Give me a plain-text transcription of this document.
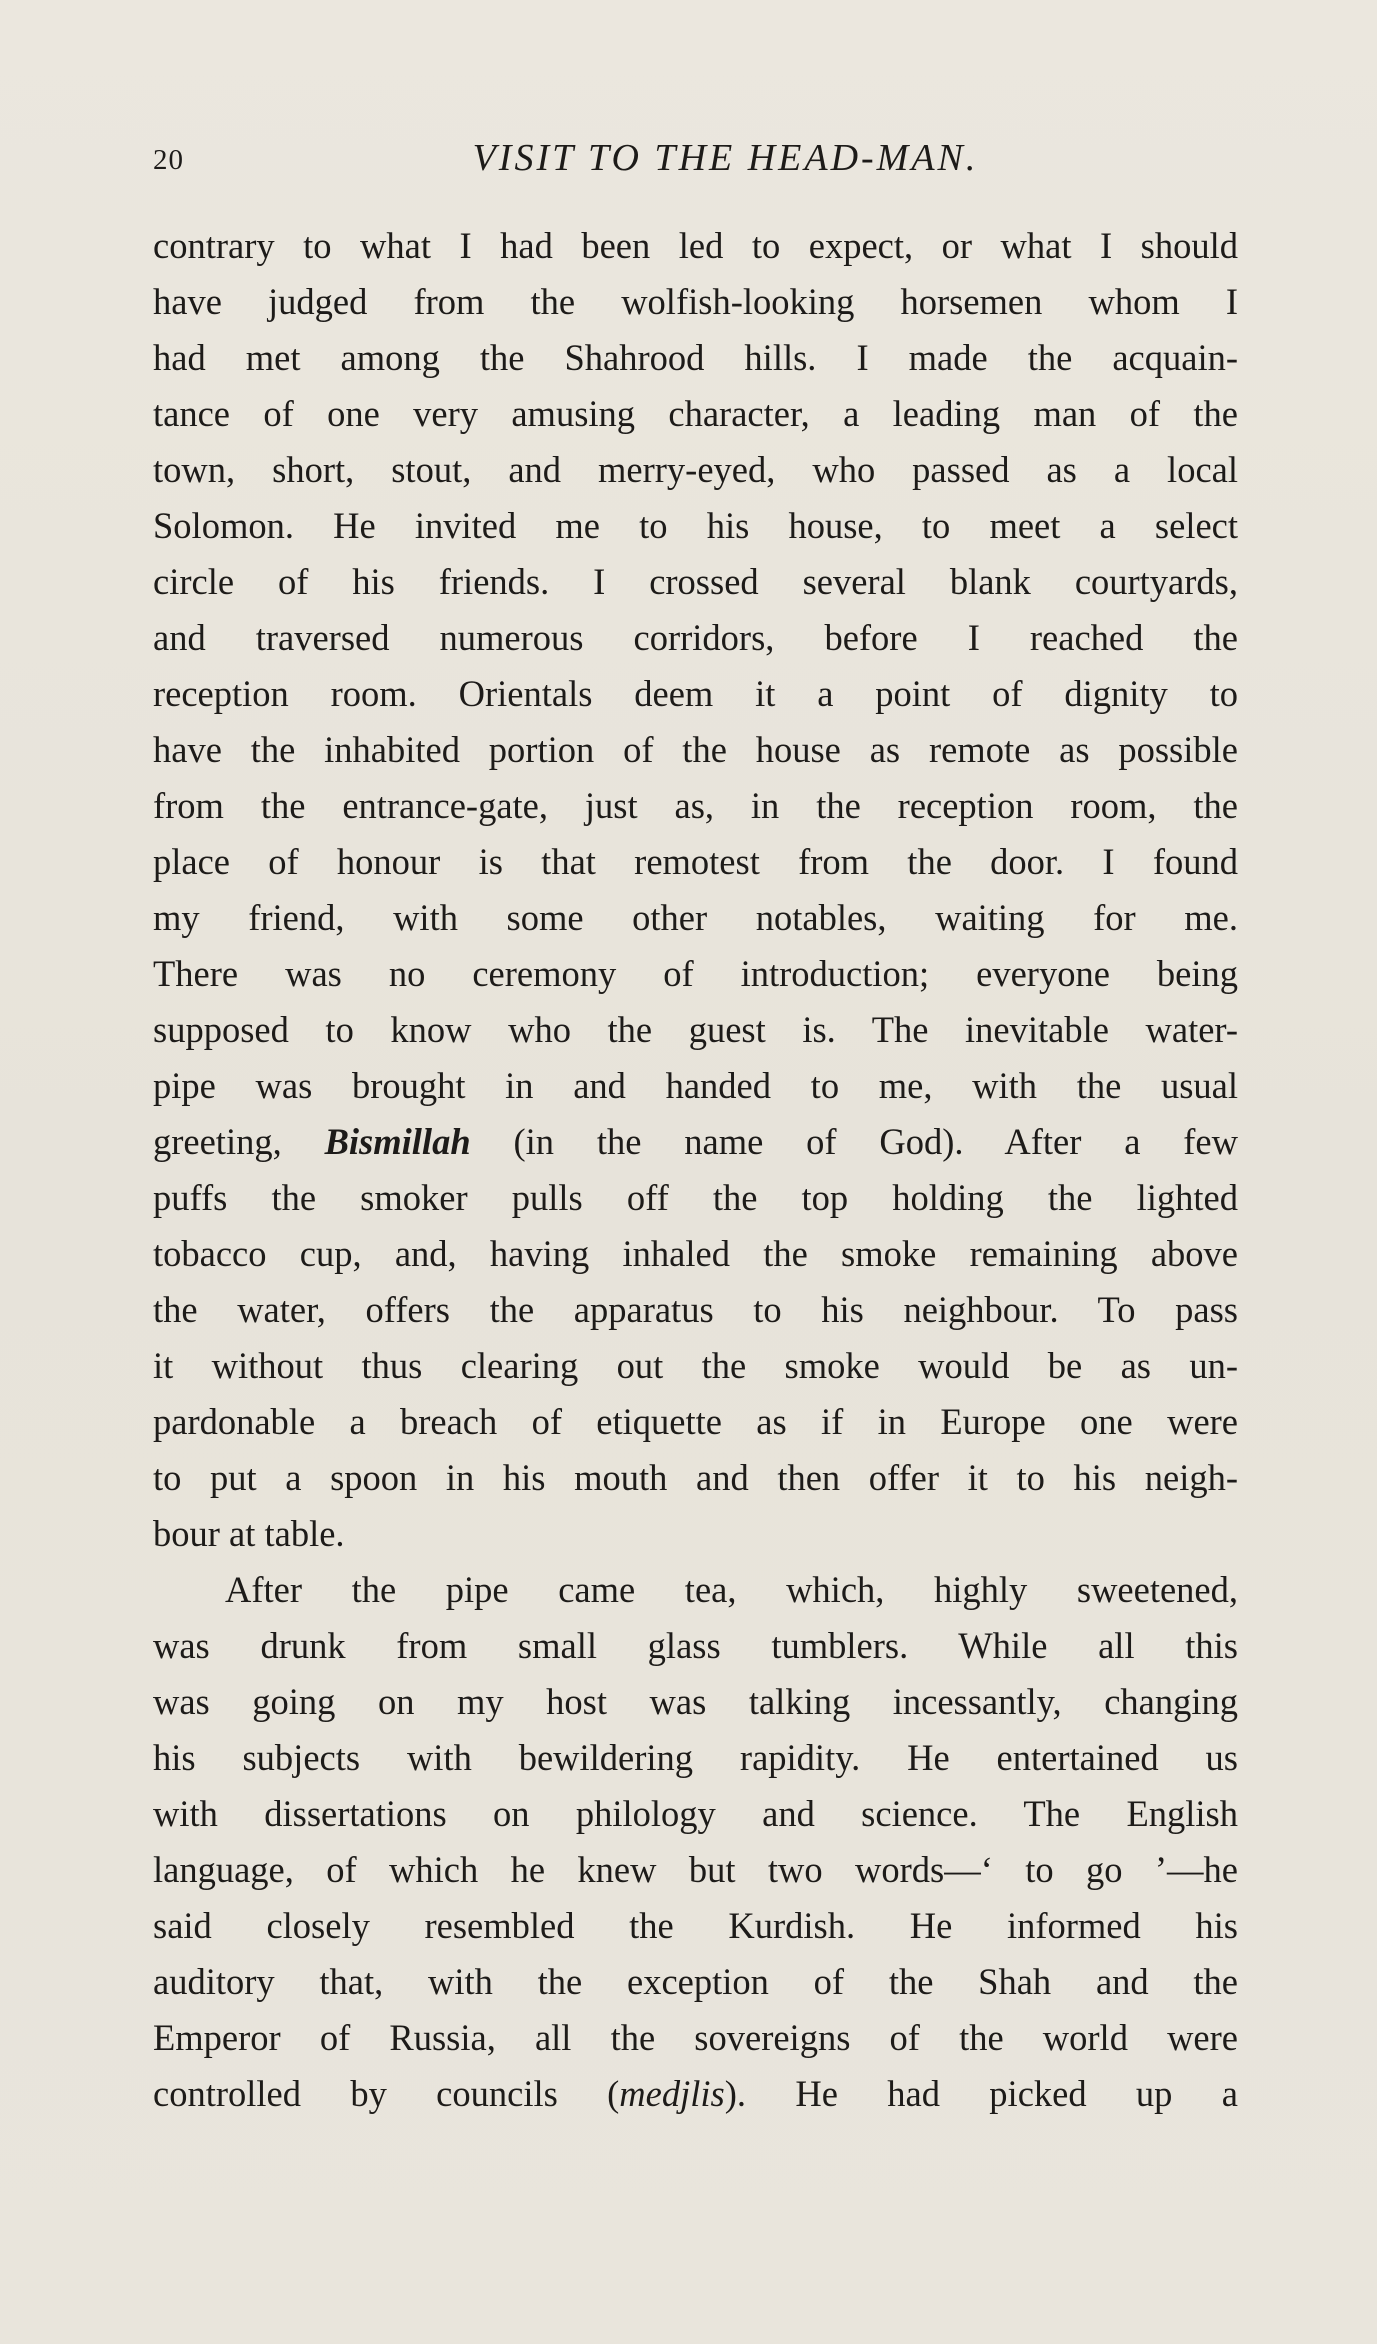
20	VISIT TO THE HEAD-MAN.
contrary to what I had been led to expect, or what I should
have judged from the wolfish-looking horsemen whom I
had met among the Shahrood hills. I made the acquain-
tance of one very amusing character, a leading man of the
town, short, stout, and merry-eyed, who passed as a local
Solomon. He invited me to his house, to meet a select
circle of his friends. I crossed several blank courtyards,
and traversed numerous corridors, before I reached the
reception room. Orientals deem it a point of dignity to
have the inhabited portion of the house as remote as possible
from the entrance-gate, just as, in the reception room, the
place of honour is that remotest from the door. I found
my friend, with some other notables, waiting for me.
There was no ceremony of introduction; everyone being
supposed to know who the guest is. The inevitable water-
pipe was brought in and handed to me, with the usual
greeting, Bismillah (in the name of God). After a few
puffs the smoker pulls off the top holding the lighted
tobacco cup, and, having inhaled the smoke remaining above
the water, offers the apparatus to his neighbour. To pass
it without thus clearing out the smoke would be as un-
pardonable a breach of etiquette as if in Europe one were
to put a spoon in his mouth and then offer it to his neigh-
bour at table.
After the pipe came tea, which, highly sweetened,
was drunk from small glass tumblers. While all this
was going on my host was talking incessantly, changing
his subjects with bewildering rapidity. He entertained us
with dissertations on philology and science. The English
language, of which he knew but two words—‘ to go ’—he
said closely resembled the Kurdish. He informed his
auditory that, with the exception of the Shah and the
Emperor of Russia, all the sovereigns of the world were
controlled by councils (medjlis). He had picked up a
